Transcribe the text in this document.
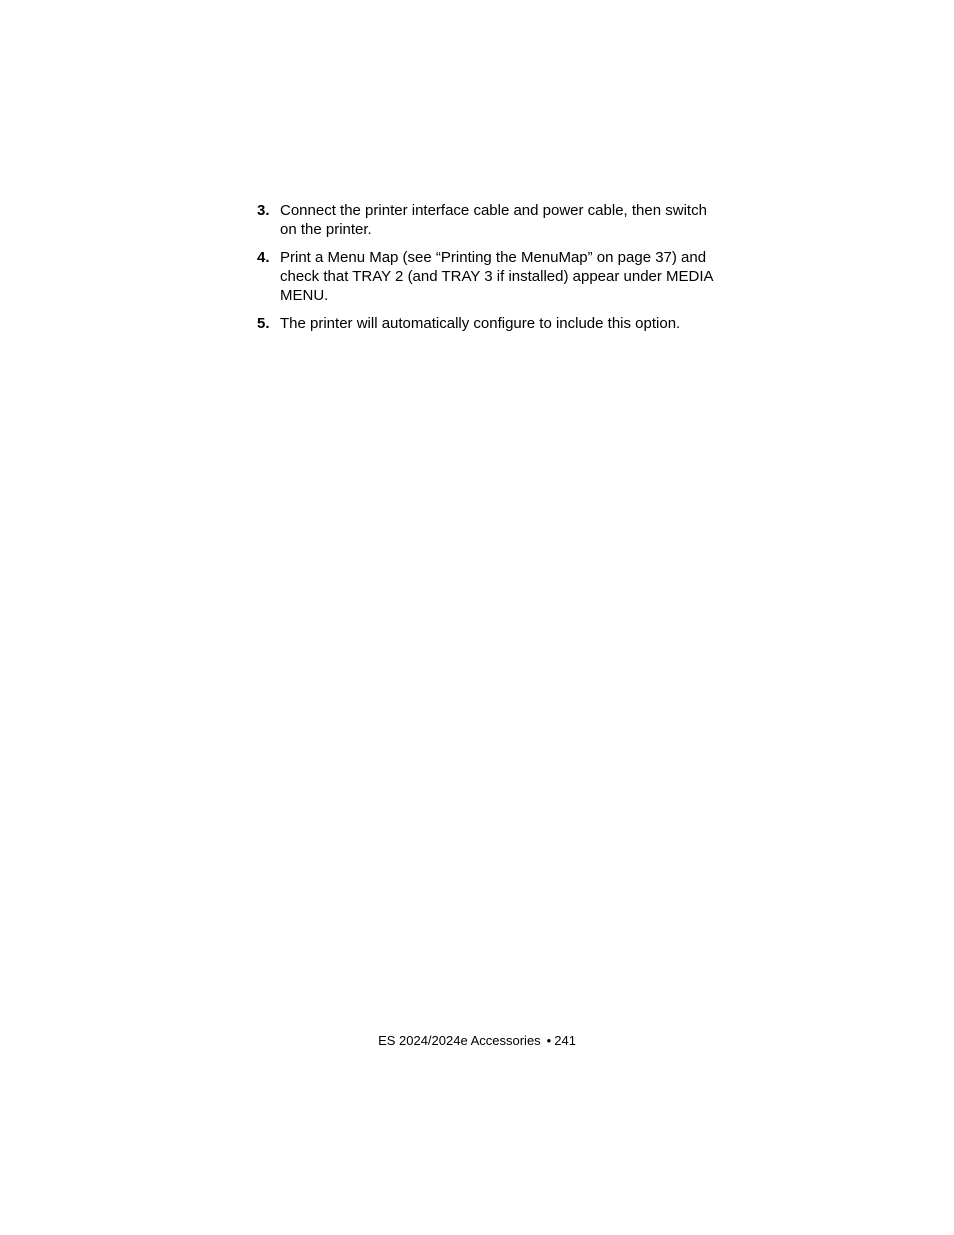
3. Connect the printer interface cable and power cable, then switch on the printer.
4. Print a Menu Map (see “Printing the MenuMap” on page 37) and check that TRAY 2 (and TRAY 3 if installed) appear under MEDIA MENU.
5. The printer will automatically configure to include this option.
ES 2024/2024e Accessories • 241
